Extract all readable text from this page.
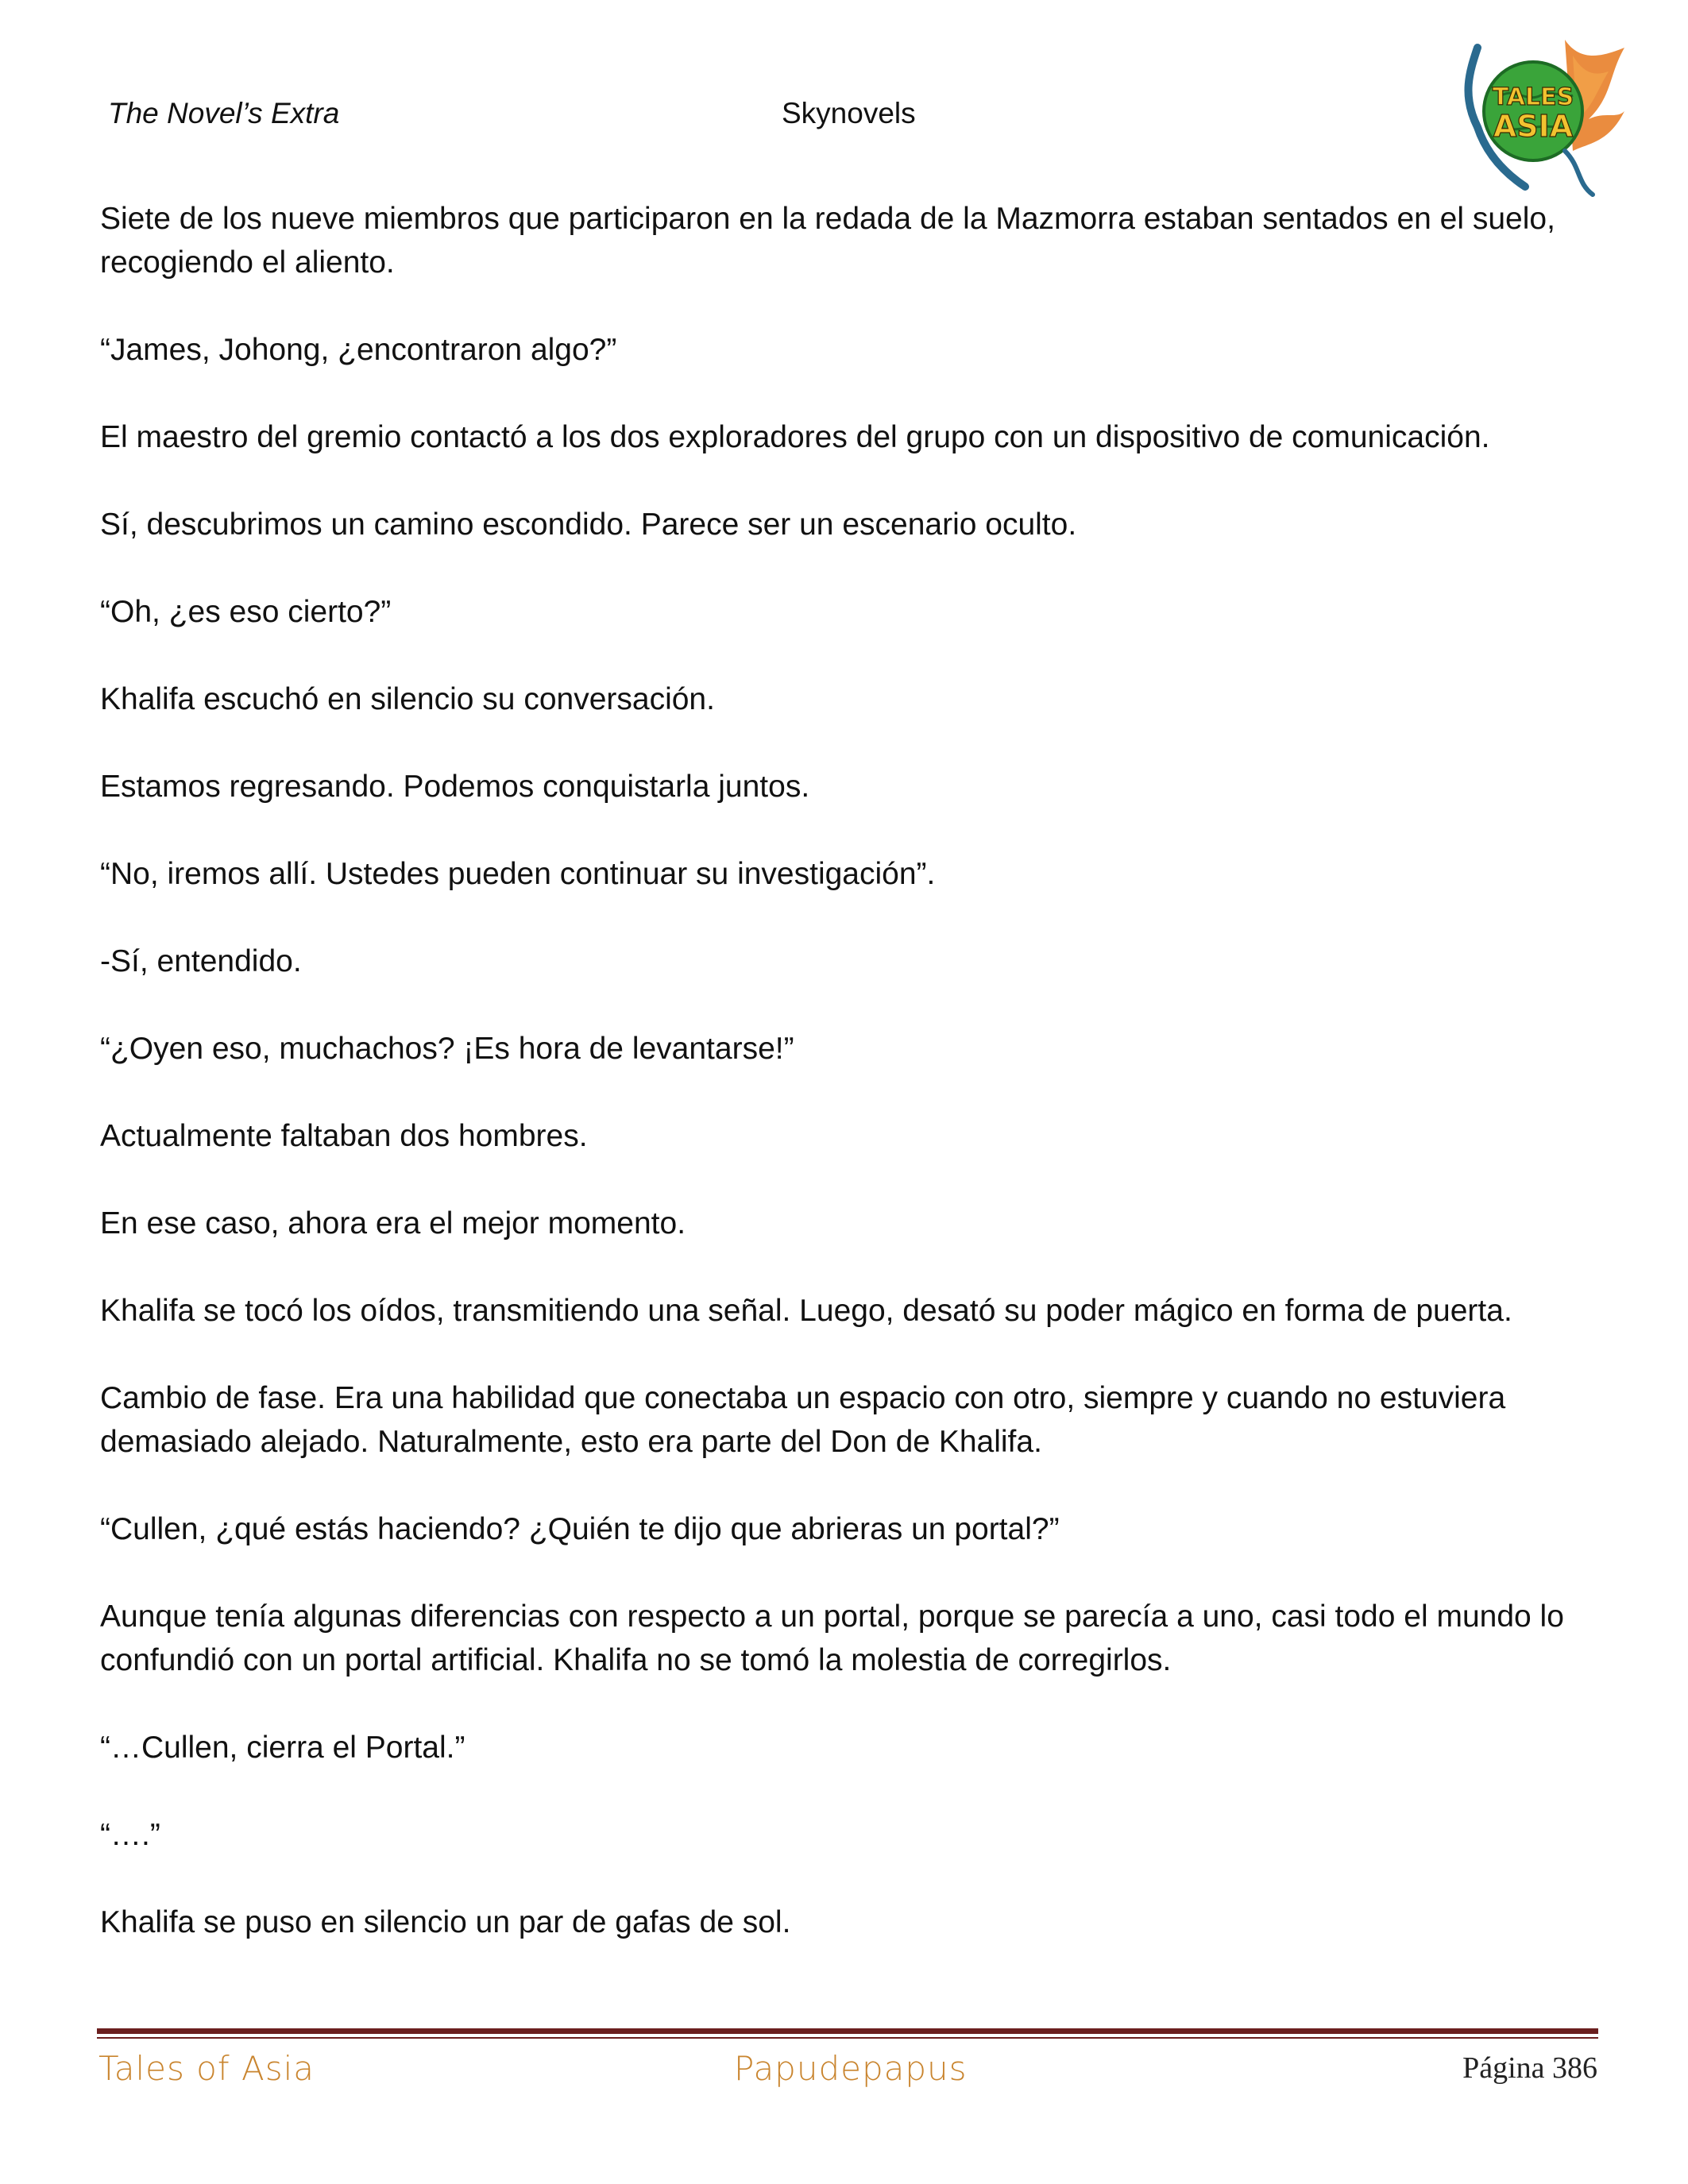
The Novel’s Extra	Skynovels	TALES
ASIA

Siete de los nueve miembros que participaron en la redada de la Mazmorra estaban sentados en el suelo, recogiendo el aliento.

“James, Johong, ¿encontraron algo?”

El maestro del gremio contactó a los dos exploradores del grupo con un dispositivo de comunicación.

Sí, descubrimos un camino escondido. Parece ser un escenario oculto.

“Oh, ¿es eso cierto?”

Khalifa escuchó en silencio su conversación.

Estamos regresando. Podemos conquistarla juntos.

“No, iremos allí. Ustedes pueden continuar su investigación”.

-Sí, entendido.

“¿Oyen eso, muchachos? ¡Es hora de levantarse!”

Actualmente faltaban dos hombres.

En ese caso, ahora era el mejor momento.

Khalifa se tocó los oídos, transmitiendo una señal. Luego, desató su poder mágico en forma de puerta.

Cambio de fase. Era una habilidad que conectaba un espacio con otro, siempre y cuando no estuviera demasiado alejado. Naturalmente, esto era parte del Don de Khalifa.

“Cullen, ¿qué estás haciendo? ¿Quién te dijo que abrieras un portal?”

Aunque tenía algunas diferencias con respecto a un portal, porque se parecía a uno, casi todo el mundo lo confundió con un portal artificial. Khalifa no se tomó la molestia de corregirlos.

“…Cullen, cierra el Portal.”

“….”

Khalifa se puso en silencio un par de gafas de sol.

Tales of Asia	Papudepapus	Página 386
